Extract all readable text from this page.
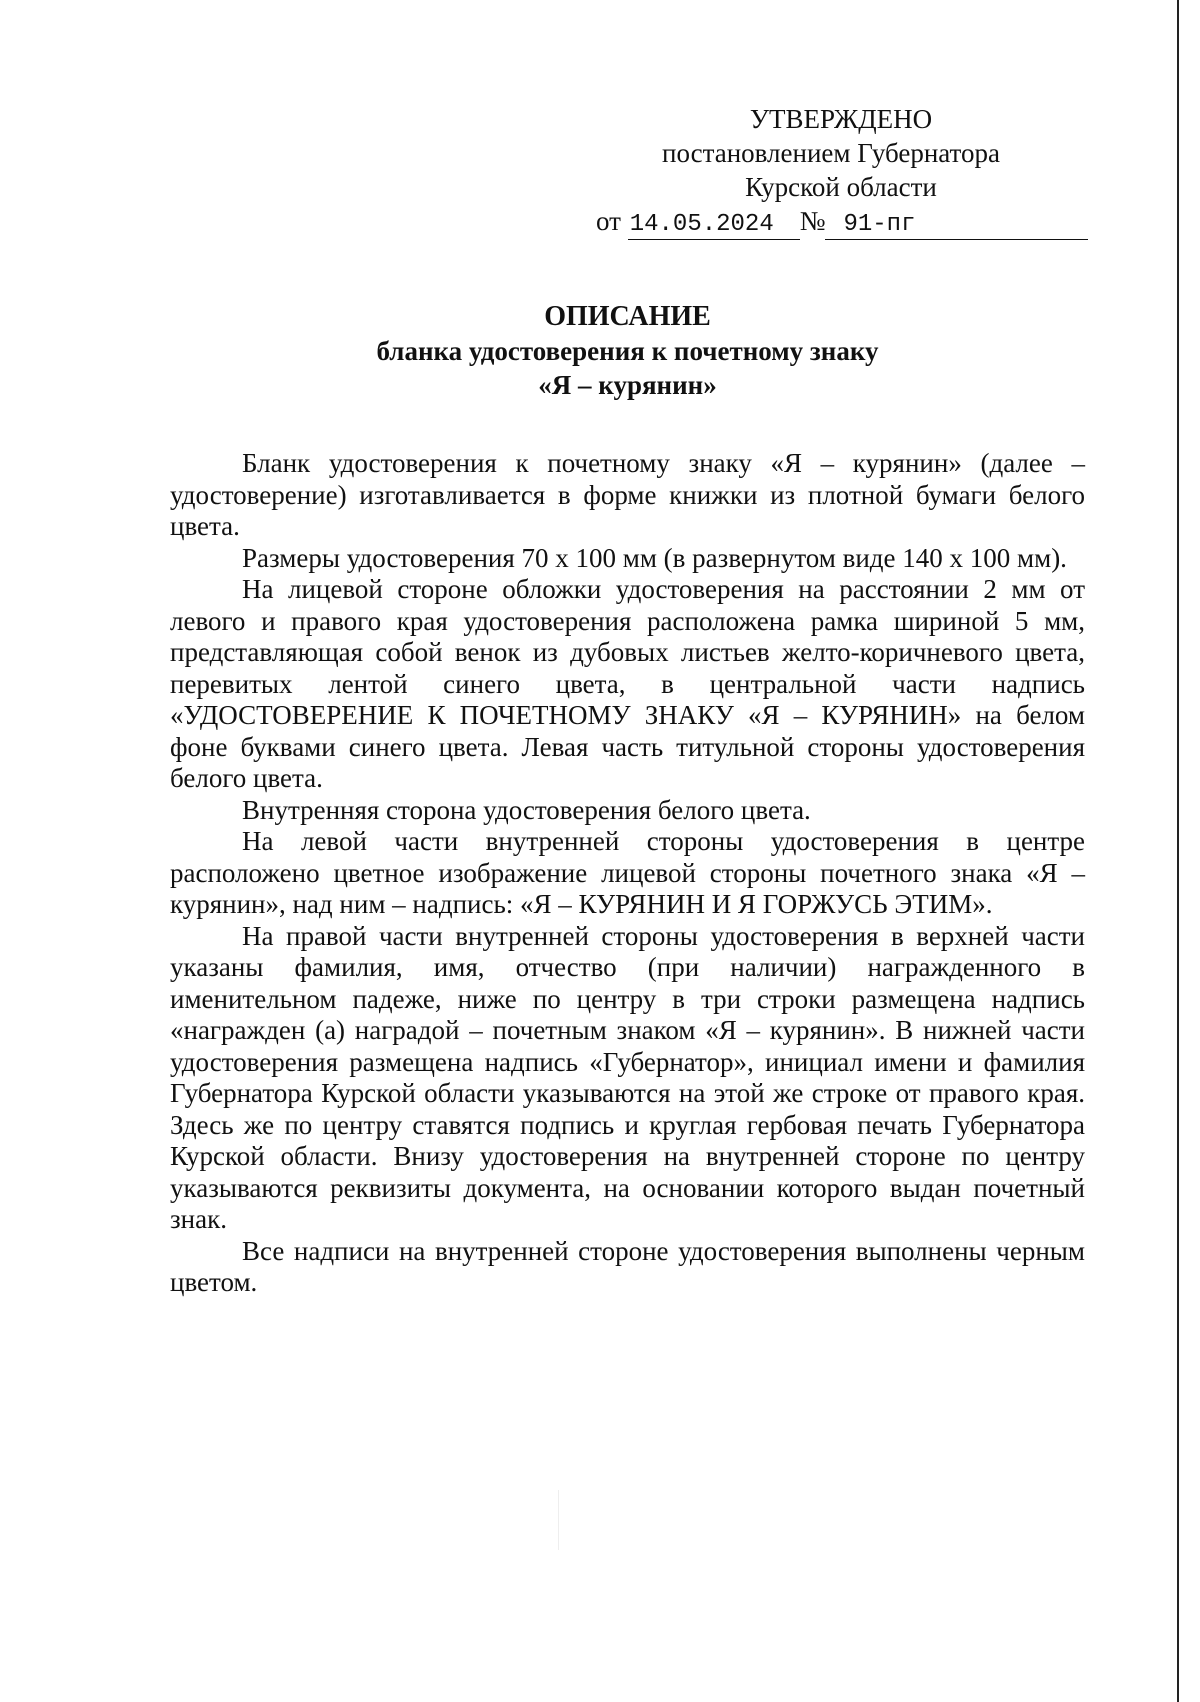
УТВЕРЖДЕНО
постановлением Губернатора
Курской области
от 14.05.2024 № 91-пг
ОПИСАНИЕ
бланка удостоверения к почетному знаку
«Я – курянин»

Бланк удостоверения к почетному знаку «Я – курянин» (далее – удостоверение) изготавливается в форме книжки из плотной бумаги белого цвета.

Размеры удостоверения 70 х 100 мм (в развернутом виде 140 х 100 мм).

На лицевой стороне обложки удостоверения на расстоянии 2 мм от левого и правого края удостоверения расположена рамка шириной 5 мм, представляющая собой венок из дубовых листьев желто-коричневого цвета, перевитых лентой синего цвета, в центральной части надпись «УДОСТОВЕРЕНИЕ К ПОЧЕТНОМУ ЗНАКУ «Я – КУРЯНИН» на белом фоне буквами синего цвета. Левая часть титульной стороны удостоверения белого цвета.

Внутренняя сторона удостоверения белого цвета.

На левой части внутренней стороны удостоверения в центре расположено цветное изображение лицевой стороны почетного знака «Я – курянин», над ним – надпись: «Я – КУРЯНИН И Я ГОРЖУСЬ ЭТИМ».

На правой части внутренней стороны удостоверения в верхней части указаны фамилия, имя, отчество (при наличии) награжденного в именительном падеже, ниже по центру в три строки размещена надпись «награжден (а) наградой – почетным знаком «Я – курянин». В нижней части удостоверения размещена надпись «Губернатор», инициал имени и фамилия Губернатора Курской области указываются на этой же строке от правого края. Здесь же по центру ставятся подпись и круглая гербовая печать Губернатора Курской области. Внизу удостоверения на внутренней стороне по центру указываются реквизиты документа, на основании которого выдан почетный знак.

Все надписи на внутренней стороне удостоверения выполнены черным цветом.
